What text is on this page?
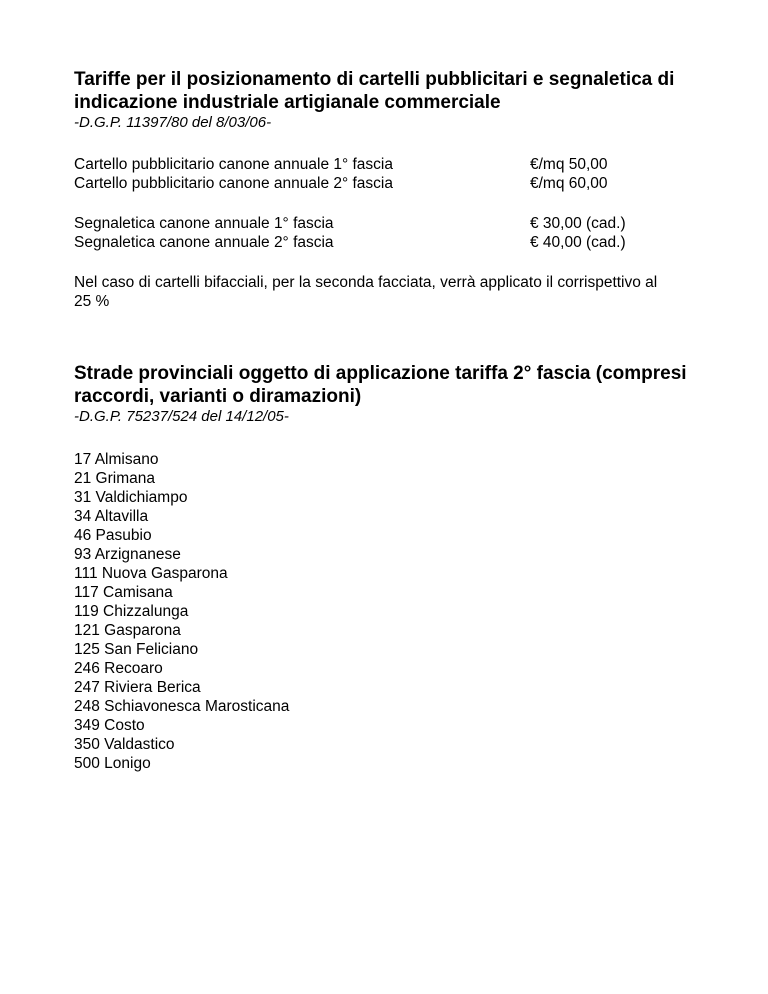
Tariffe per il posizionamento di cartelli pubblicitari e segnaletica di indicazione industriale artigianale commerciale

-D.G.P. 11397/80 del 8/03/06-

Cartello pubblicitario canone annuale 1° fascia	€/mq 50,00
Cartello pubblicitario canone annuale 2° fascia	€/mq 60,00
Segnaletica canone annuale 1° fascia	€ 30,00 (cad.)
Segnaletica canone annuale 2° fascia	€ 40,00 (cad.)

Nel caso di cartelli bifacciali, per la seconda facciata, verrà applicato il corrispettivo al 25 %

Strade provinciali oggetto di applicazione tariffa 2° fascia (compresi raccordi, varianti o diramazioni)

-D.G.P. 75237/524 del 14/12/05-

17 Almisano
21 Grimana
31 Valdichiampo
34 Altavilla
46 Pasubio
93 Arzignanese
111 Nuova Gasparona
117 Camisana
119 Chizzalunga
121 Gasparona
125 San Feliciano
246 Recoaro
247 Riviera Berica
248 Schiavonesca Marosticana
349 Costo
350 Valdastico
500 Lonigo
